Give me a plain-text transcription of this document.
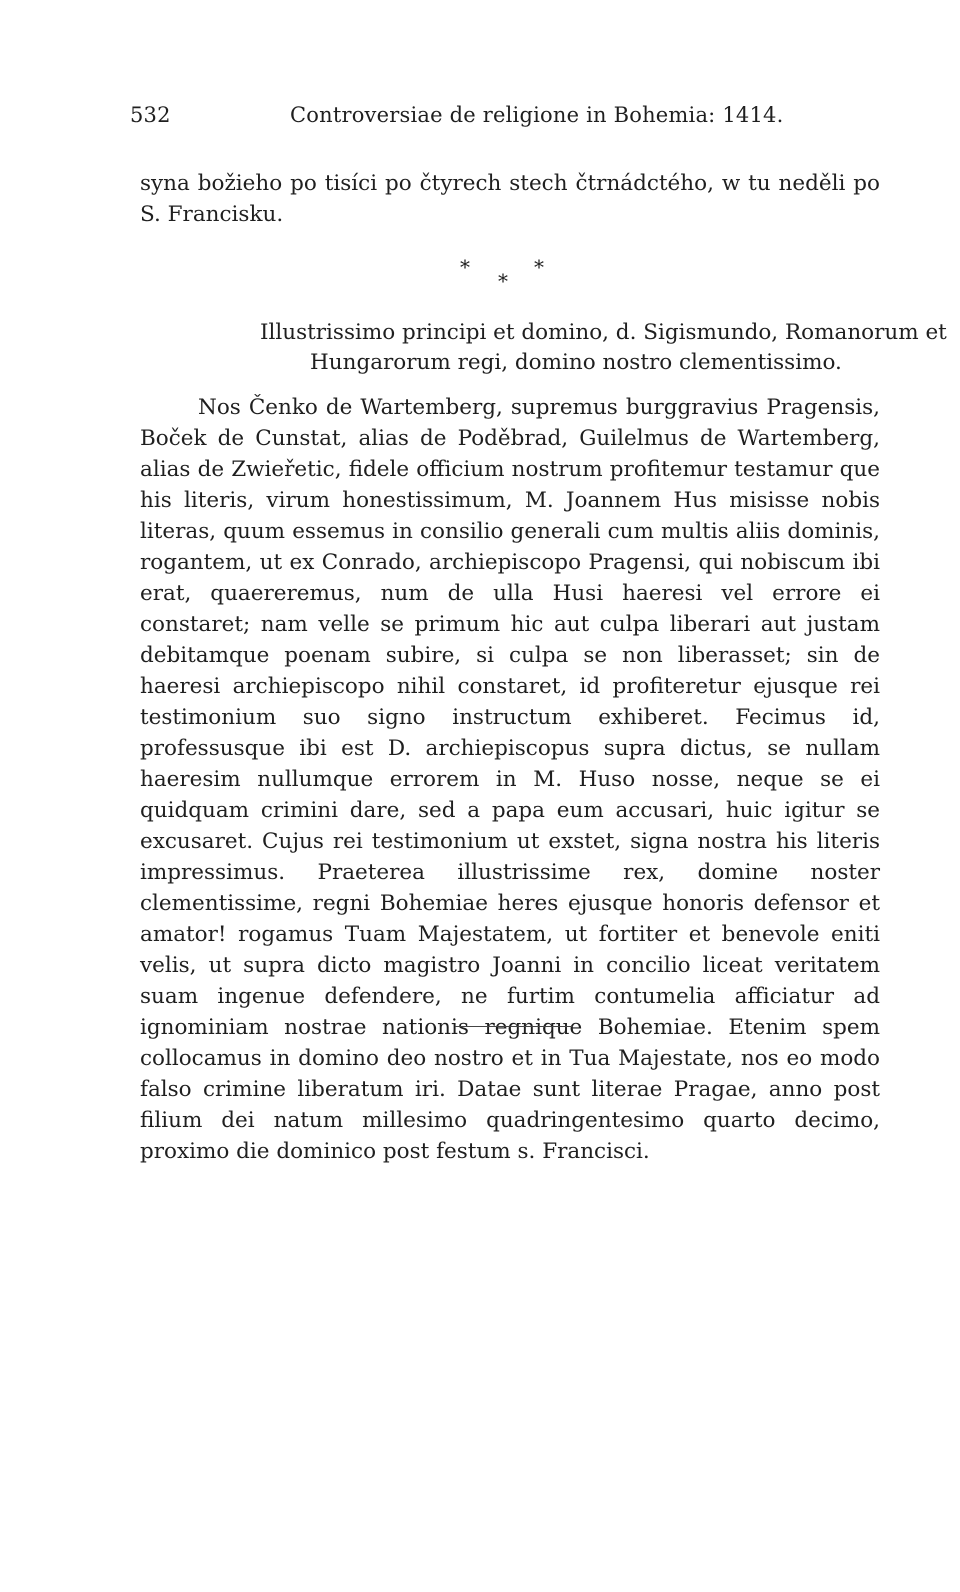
532	Controversiae de religione in Bohemia: 1414.
syna božieho po tisíci po čtyrech stech čtrnádctého, w tu neděli po S. Francisku.
*
*
*
Illustrissimo principi et domino, d. Sigismundo, Romanorum et
Hungarorum regi, domino nostro clementissimo.
Nos Čenko de Wartemberg, supremus burggravius Pragensis, Boček de Cunstat, alias de Poděbrad, Guilelmus de Wartemberg, alias de Zwieřetic, fidele officium nostrum profitemur testamur que his literis, virum honestissimum, M. Joannem Hus misisse nobis literas, quum essemus in consilio generali cum multis aliis dominis, rogantem, ut ex Conrado, archiepiscopo Pragensi, qui nobiscum ibi erat, quaereremus, num de ulla Husi haeresi vel errore ei constaret; nam velle se primum hic aut culpa liberari aut justam debitamque poenam subire, si culpa se non liberasset; sin de haeresi archiepiscopo nihil constaret, id profiteretur ejusque rei testimonium suo signo instructum exhiberet. Fecimus id, professusque ibi est D. archiepiscopus supra dictus, se nullam haeresim nullumque errorem in M. Huso nosse, neque se ei quidquam crimini dare, sed a papa eum accusari, huic igitur se excusaret. Cujus rei testimonium ut exstet, signa nostra his literis impressimus. Praeterea illustrissime rex, domine noster clementissime, regni Bohemiae heres ejusque honoris defensor et amator! rogamus Tuam Majestatem, ut fortiter et benevole eniti velis, ut supra dicto magistro Joanni in concilio liceat veritatem suam ingenue defendere, ne furtim contumelia afficiatur ad ignominiam nostrae nationis regnique Bohemiae. Etenim spem collocamus in domino deo nostro et in Tua Majestate, nos eo modo falso crimine liberatum iri. Datae sunt literae Pragae, anno post filium dei natum millesimo quadringentesimo quarto decimo, proximo die dominico post festum s. Francisci.
